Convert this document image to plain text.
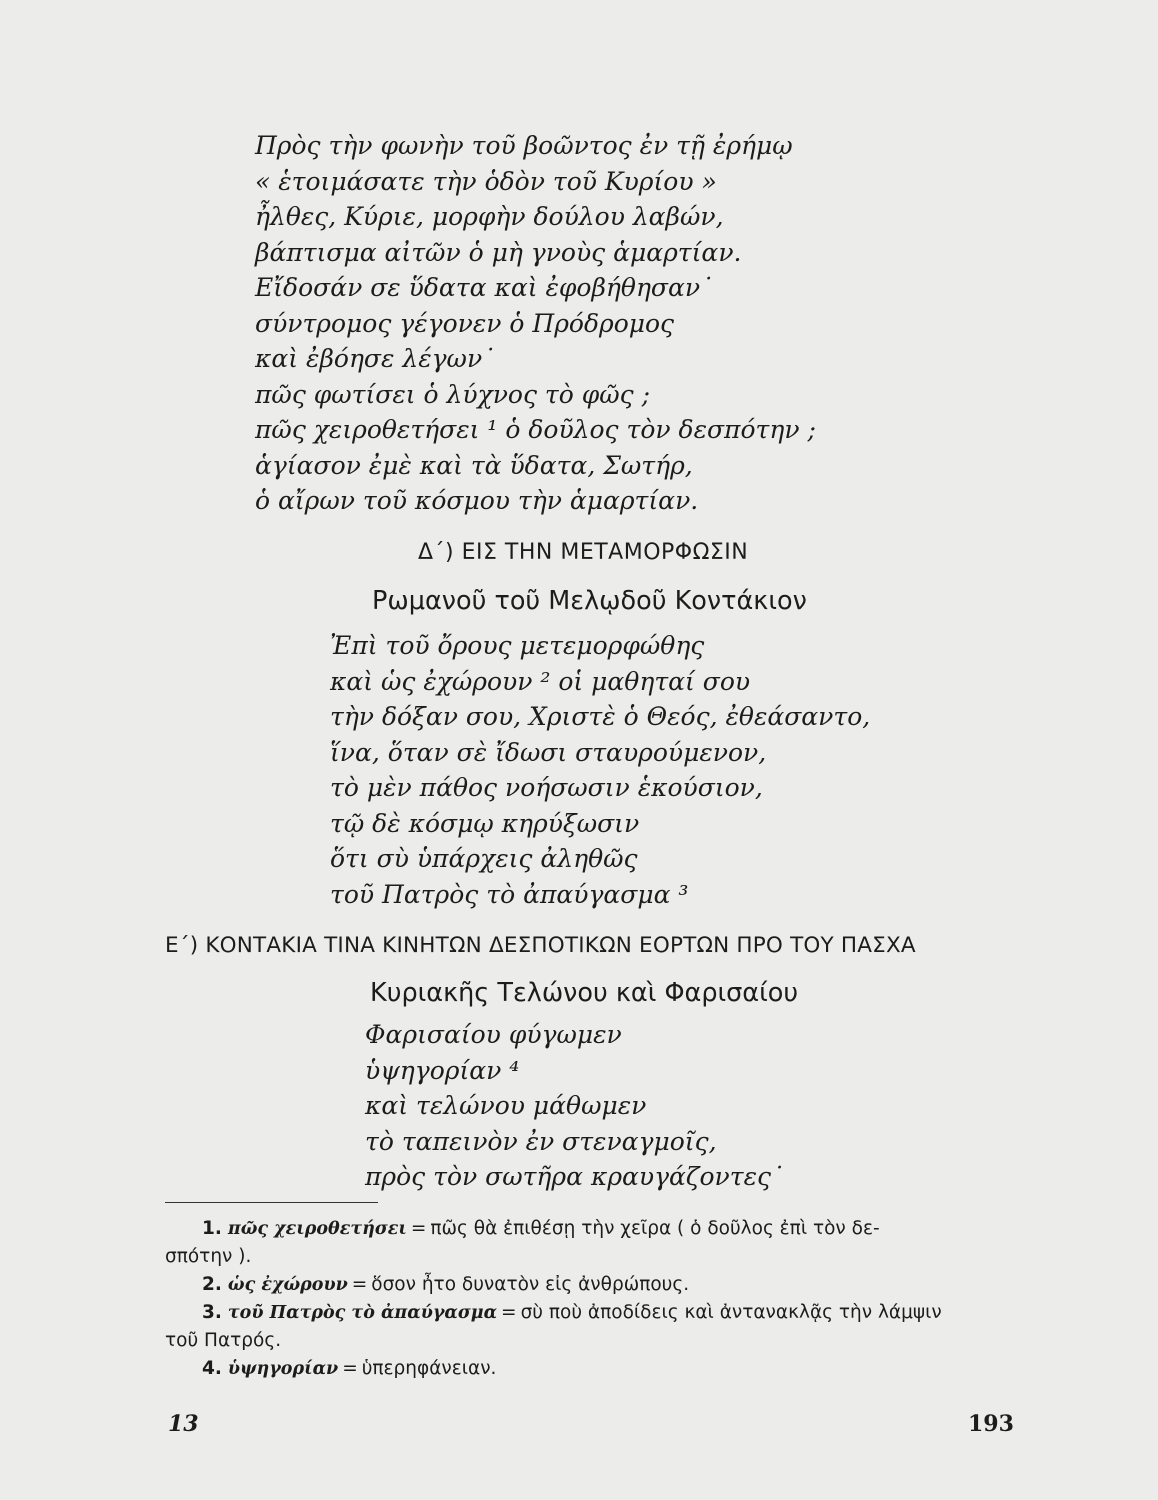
Πρὸς τὴν φωνὴν τοῦ βοῶντος ἐν τῇ ἐρήμῳ
« ἑτοιμάσατε τὴν ὁδὸν τοῦ Κυρίου »
ἦλθες, Κύριε, μορφὴν δούλου λαβών,
βάπτισμα αἰτῶν ὁ μὴ γνοὺς ἁμαρτίαν.
Εἴδοσάν σε ὕδατα καὶ ἐφοβήθησαν˙
σύντρομος γέγονεν ὁ Πρόδρομος
καὶ ἐβόησε λέγων˙
πῶς φωτίσει ὁ λύχνος τὸ φῶς ;
πῶς χειροθετήσει ¹ ὁ δοῦλος τὸν δεσπότην ;
ἁγίασον ἐμὲ καὶ τὰ ὕδατα, Σωτήρ,
ὁ αἴρων τοῦ κόσμου τὴν ἁμαρτίαν.
Δ΄) ΕΙΣ ΤΗΝ ΜΕΤΑΜΟΡΦΩΣΙΝ
Ρωμανοῦ τοῦ Μελῳδοῦ Κοντάκιον
Ἐπὶ τοῦ ὄρους μετεμορφώθης
καὶ ὡς ἐχώρουν ² οἱ μαθηταί σου
τὴν δόξαν σου, Χριστὲ ὁ Θεός, ἐθεάσαντο,
ἵνα, ὅταν σὲ ἴδωσι σταυρούμενον,
τὸ μὲν πάθος νοήσωσιν ἑκούσιον,
τῷ δὲ κόσμῳ κηρύξωσιν
ὅτι σὺ ὑπάρχεις ἀληθῶς
τοῦ Πατρὸς τὸ ἀπαύγασμα ³
Ε΄) ΚΟΝΤΑΚΙΑ ΤΙΝΑ ΚΙΝΗΤΩΝ ΔΕΣΠΟΤΙΚΩΝ ΕΟΡΤΩΝ ΠΡΟ ΤΟΥ ΠΑΣΧΑ
Κυριακῆς Τελώνου καὶ Φαρισαίου
Φαρισαίου φύγωμεν
ὑψηγορίαν ⁴
καὶ τελώνου μάθωμεν
τὸ ταπεινὸν ἐν στεναγμοῖς,
πρὸς τὸν σωτῆρα κραυγάζοντες˙
1. πῶς χειροθετήσει = πῶς θὰ ἐπιθέσῃ τὴν χεῖρα ( ὁ δοῦλος ἐπὶ τὸν δε-
σπότην ).
2. ὡς ἐχώρουν = ὅσον ἦτο δυνατὸν εἰς ἀνθρώπους.
3. τοῦ Πατρὸς τὸ ἀπαύγασμα = σὺ ποὺ ἀποδίδεις καὶ ἀντανακλᾷς τὴν λάμψιν
τοῦ Πατρός.
4. ὑψηγορίαν = ὑπερηφάνειαν.
13	193
